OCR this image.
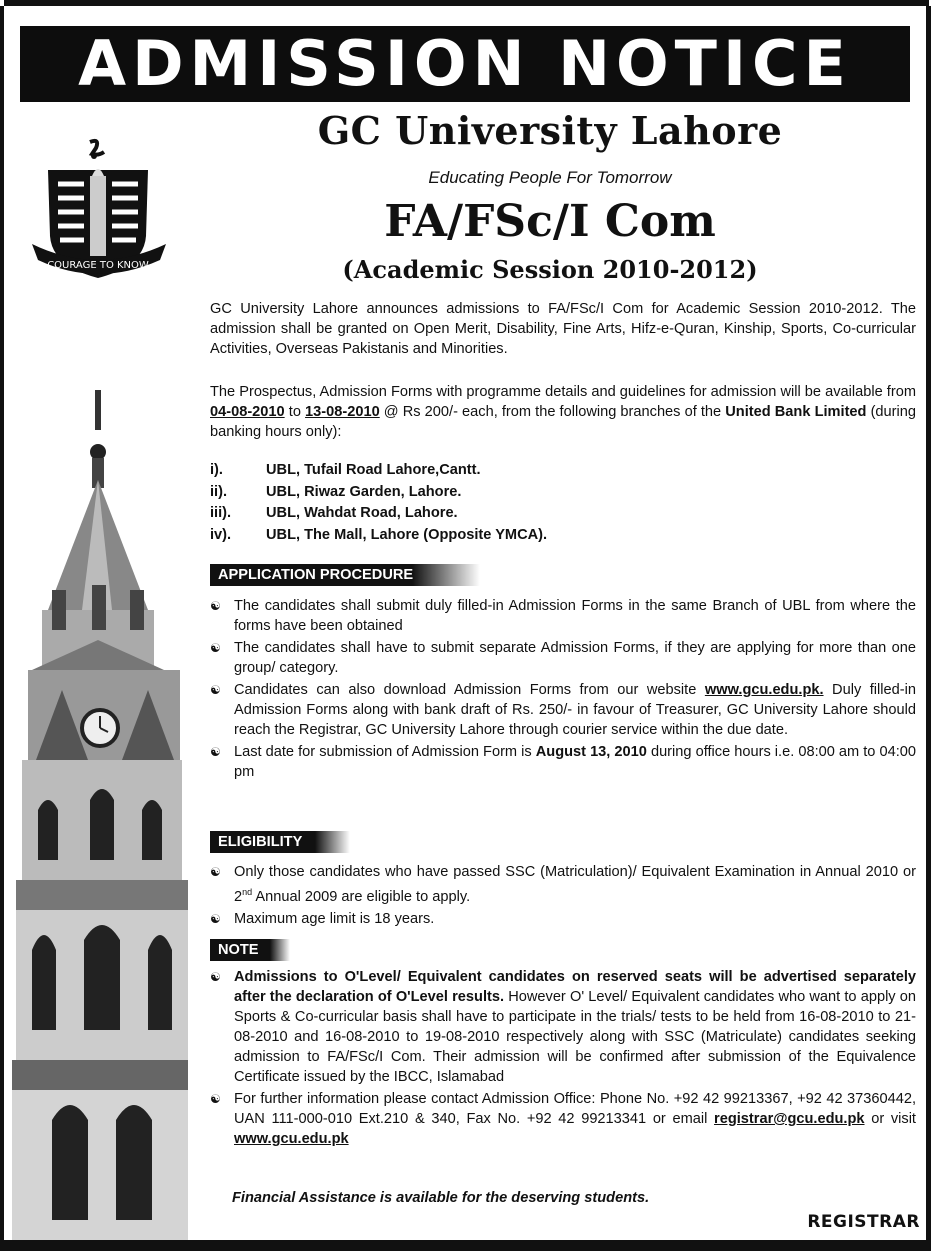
ADMISSION NOTICE
COURAGE TO KNOW
GC University Lahore
Educating People For Tomorrow
FA/FSc/I Com
(Academic Session 2010-2012)
GC University Lahore announces admissions to FA/FSc/I Com for Academic Session 2010-2012. The admission shall be granted on Open Merit, Disability, Fine Arts, Hifz-e-Quran, Kinship, Sports, Co-curricular Activities, Overseas Pakistanis and Minorities.
The Prospectus, Admission Forms with programme details and guidelines for admission will be available from 04-08-2010 to 13-08-2010 @ Rs 200/- each, from the following branches of the United Bank Limited (during banking hours only):
i).	UBL, Tufail Road Lahore,Cantt.
ii).	UBL, Riwaz Garden, Lahore.
iii).	UBL, Wahdat Road, Lahore.
iv).	UBL, The Mall, Lahore (Opposite YMCA).
APPLICATION PROCEDURE
☯ The candidates shall submit duly filled-in Admission Forms in the same Branch of UBL from where the forms have been obtained
☯ The candidates shall have to submit separate Admission Forms, if they are applying for more than one group/ category.
☯ Candidates can also download Admission Forms from our website www.gcu.edu.pk. Duly filled-in Admission Forms along with bank draft of Rs. 250/- in favour of Treasurer, GC University Lahore should reach the Registrar, GC University Lahore through courier service within the due date.
☯ Last date for submission of Admission Form is August 13, 2010 during office hours i.e. 08:00 am to 04:00 pm
ELIGIBILITY
☯ Only those candidates who have passed SSC (Matriculation)/ Equivalent Examination in Annual 2010 or 2nd Annual 2009 are eligible to apply.
☯ Maximum age limit is 18 years.
NOTE
☯ Admissions to O'Level/ Equivalent candidates on reserved seats will be advertised separately after the declaration of O'Level results. However O' Level/ Equivalent candidates who want to apply on Sports & Co-curricular basis shall have to participate in the trials/ tests to be held from 16-08-2010 to 21-08-2010 and 16-08-2010 to 19-08-2010 respectively along with SSC (Matriculate) candidates seeking admission to FA/FSc/I Com. Their admission will be confirmed after submission of the Equivalence Certificate issued by the IBCC, Islamabad
☯ For further information please contact Admission Office: Phone No. +92 42 99213367, +92 42 37360442, UAN 111-000-010 Ext.210 & 340, Fax No. +92 42 99213341 or email registrar@gcu.edu.pk or visit www.gcu.edu.pk
Financial Assistance is available for the deserving students.
REGISTRAR
